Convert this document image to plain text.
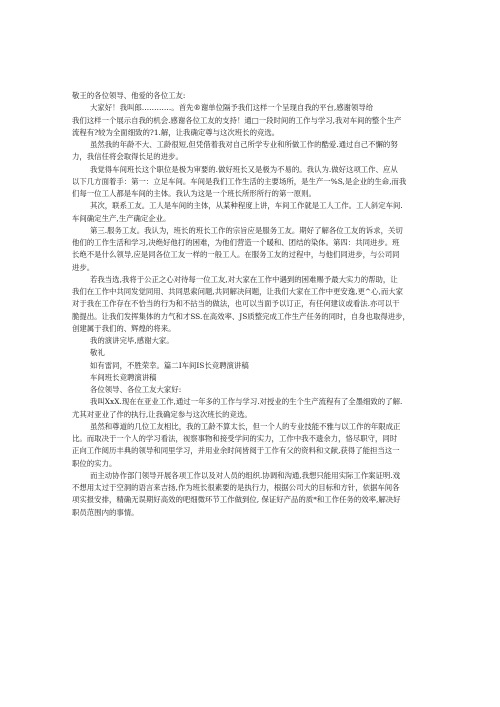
敬王的各位领导、他爱的各位工友:
大家好！我叫郎…………。首先®谢单位隔予我们这样一个呈现自我的平台,感谢领导给
我们这样一个展示自我的机会.感谢各位工友的支持！通□一段时间的工作与学习,我对车间的整个生产
流程有?较为全面细致的?1.解，让我确定尊与这次班长的竞选。
虽然我的年龄不大、工龄很短,但凭借着我对自己所学专业和所做工作的酷爱.通过自己不懈的努
力，我信任将会取得长足的进步。
我觉得车间班长这个职位是极为审要的.做好班长又是极为不易的。我认为.做好这项工作、应从
以下几方面着手：第一：立足车间。车间是我们工作生活的主要场所，是生产一%S,是企业的生命,而我
们每一位工人都是车间的主体。我认为这是一个班长所形所行的第一原则。
其次，联系工友。工人是车间的主体，从某种程度上讲，车间工作就是工人工作。工人斜定车间.
车间确定生产,生产确定企业。
第三.服务工友。我认为，班长的班长工作的宗旨应是服务工友。期好了解各位工友的诉求，关切
他们的工作生活和学习,决绝好他打的困难，为他们营造一个暖和、团结的染体。第四：共同进步。班
长绝不是什么领导,应是同各位工友一样的一般工人。在服务工友的过程中，与他们同进步，与公司同
进步。
若我当选,我将于公正之心对待每一位工友,对大家在工作中遇到的困难赐予最大实力的帮助，让
我们在工作中共同发觉同用、共同思索问题,共同解决问题，让我们大家在工作中更安逸,更^心,而大家
对于我在工作存在不恰当的行为和不拈当的做法，也可以当面予以订正，有任何建议或看法.亦可以干
脆提出。让我们发挥集体的力气和才SS.在高效率、JS质整完成工作生产任务的同时，自身也取得进步，
创建属于我们的、辉煌的将来。
我的演讲完毕,感谢大家。
敬礼
如有雷同，不胜荣幸。篇二I车间IS长竞聘演讲稿
车间班长竞聘演讲稿
各位领导、各位工友大家好:
我叫XxX.现在在亚业工作,通过一年多的工作与学习.对授业的生个生产流程有了全墨细致的了解.
尤其对亚业了作的执行,让我确定参与这次班长的竞选。
虽然和尊道的几位工友相比，我的工龄不算太长，但一个人的专业技能不雅与以工作的年限成正
比。而取决于一个人的学习看法，视察事物和接受学问的实力，工作中我不遗余力，恪尽职守，同时
正向工作阅历丰典的领导和同里学习，并用业余时间皆阅于工作有父的资料和文献,获得了能担当这一
职位的实力。
而主动协作部门领导开展各项工作以及对人员的组织.协调和沟通,我想只能用实际工作案证明.戏
不想用太过于空洞的语言来吉扬,作为班长很素要的是执行力，根据公司大的目标和方针，依据车间各
项实报安排，精确无误期好高效的吧细微环节工作做到位, 保证好产品的质*和工作任务的效率,解决好
职员范围内的事情。
